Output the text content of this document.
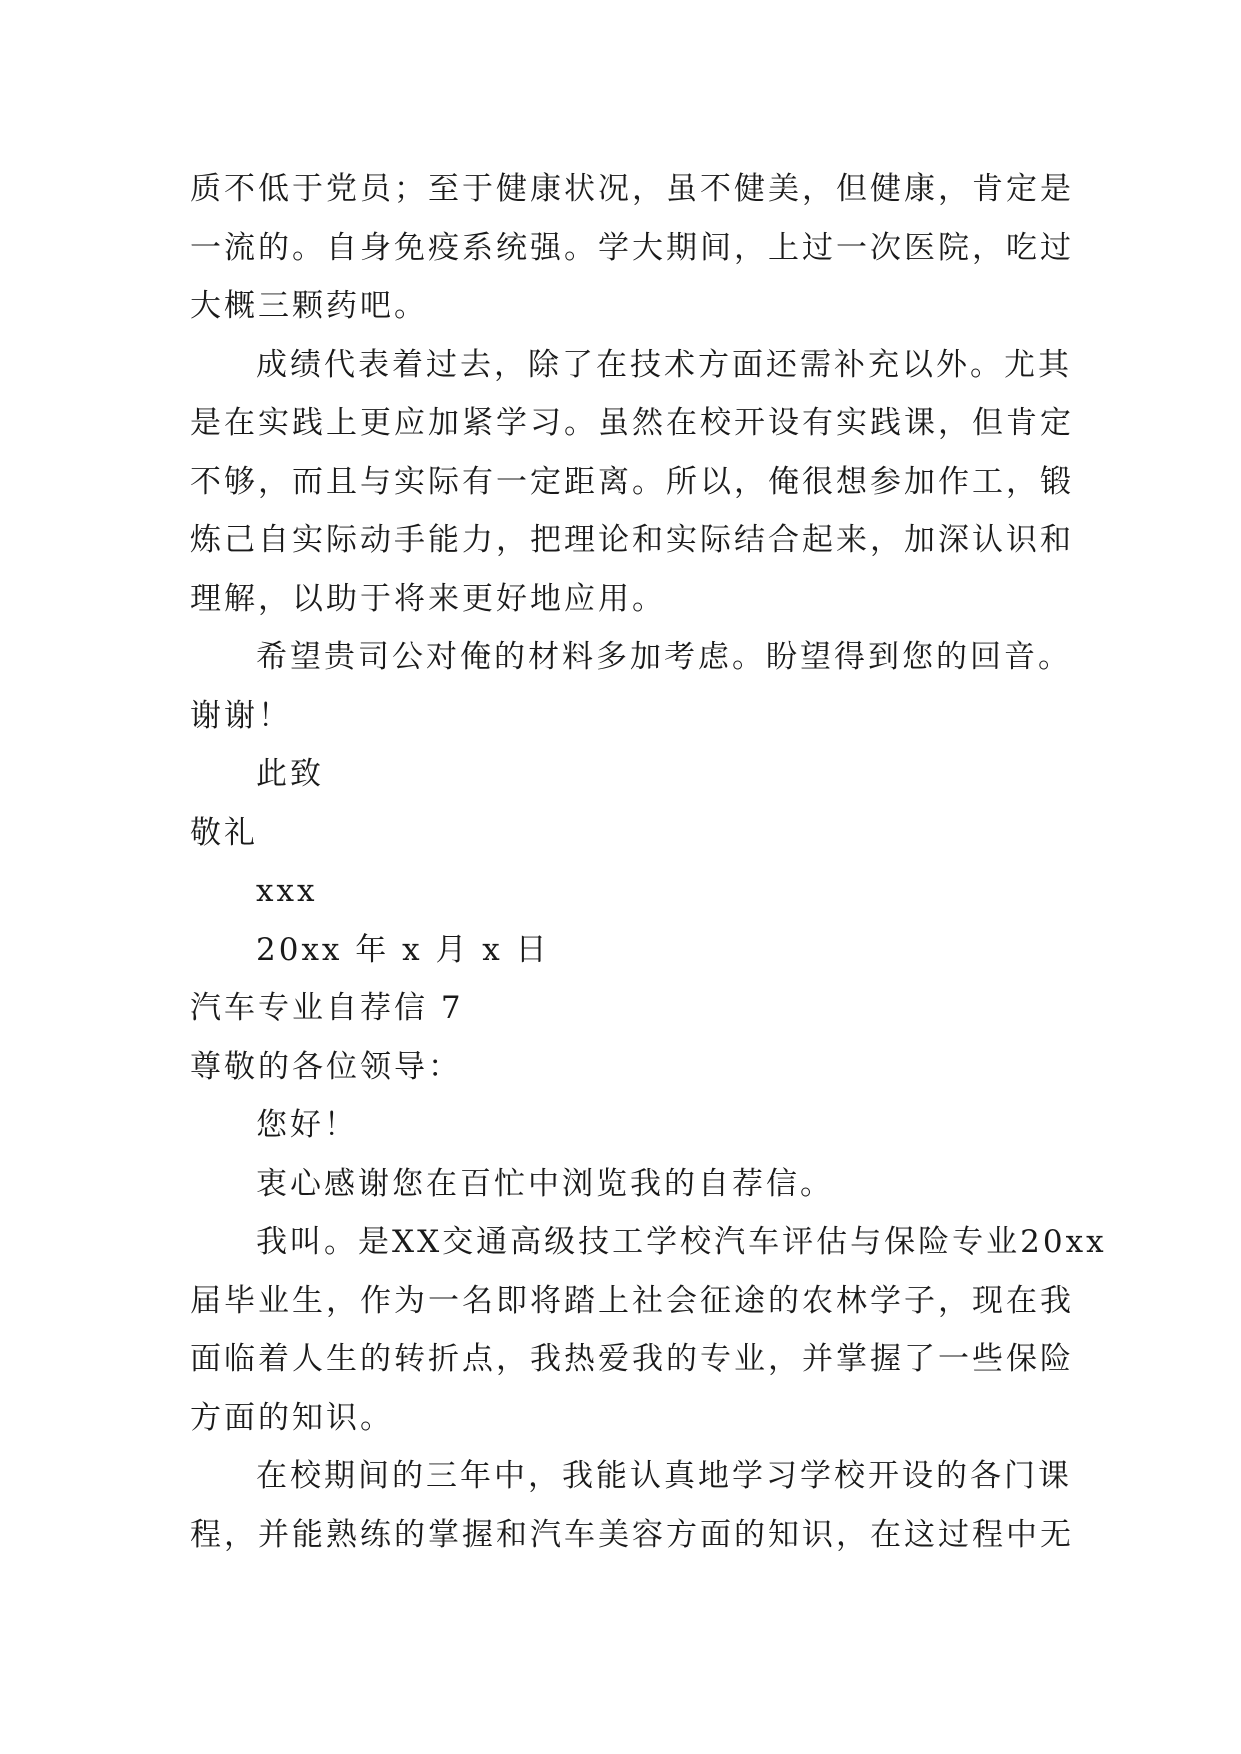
质不低于党员；至于健康状况，虽不健美，但健康，肯定是
一流的。自身免疫系统强。学大期间，上过一次医院，吃过
大概三颗药吧。
成绩代表着过去，除了在技术方面还需补充以外。尤其
是在实践上更应加紧学习。虽然在校开设有实践课，但肯定
不够，而且与实际有一定距离。所以，俺很想参加作工，锻
炼己自实际动手能力，把理论和实际结合起来，加深认识和
理解，以助于将来更好地应用。
希望贵司公对俺的材料多加考虑。盼望得到您的回音。
谢谢！
此致
敬礼
xxx
20xx 年 x 月 x 日
汽车专业自荐信 7
尊敬的各位领导：
您好！
衷心感谢您在百忙中浏览我的自荐信。
我叫。是XX交通高级技工学校汽车评估与保险专业20xx
届毕业生，作为一名即将踏上社会征途的农林学子，现在我
面临着人生的转折点，我热爱我的专业，并掌握了一些保险
方面的知识。
在校期间的三年中，我能认真地学习学校开设的各门课
程，并能熟练的掌握和汽车美容方面的知识，在这过程中无
